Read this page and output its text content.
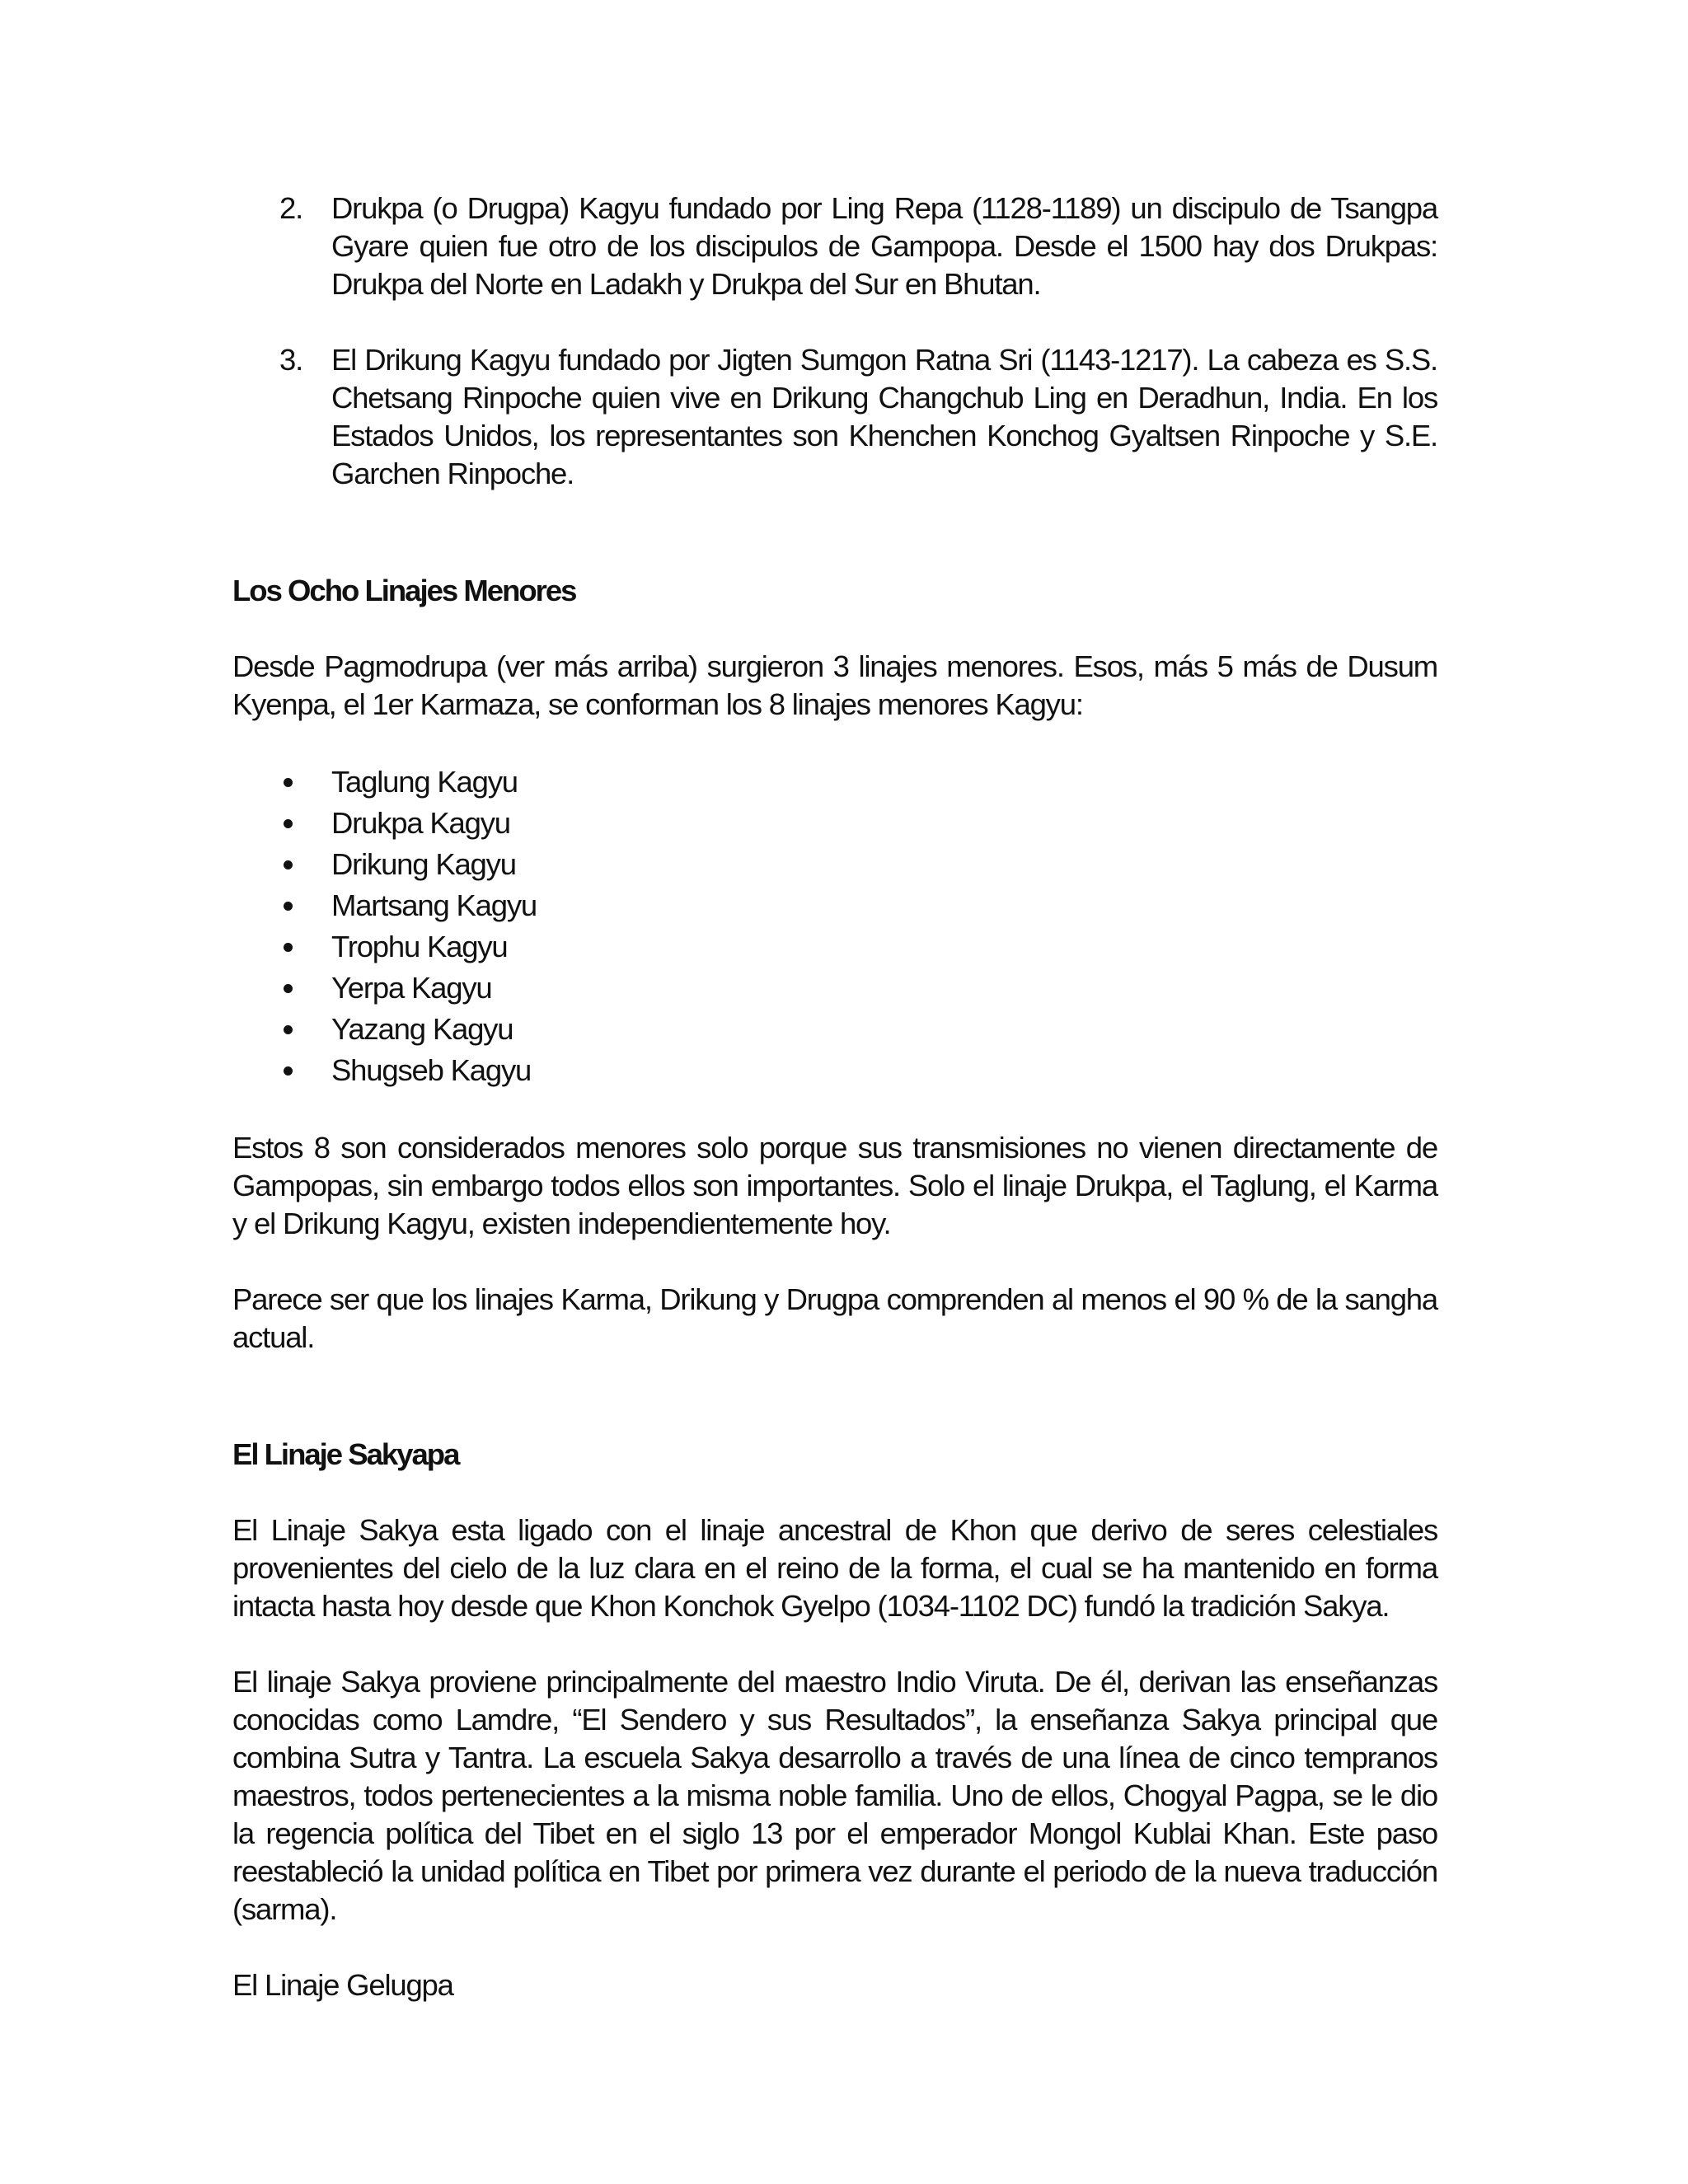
2. Drukpa (o Drugpa) Kagyu fundado por Ling Repa (1128-1189) un discipulo de Tsangpa Gyare quien fue otro de los discipulos de Gampopa. Desde el 1500 hay dos Drukpas: Drukpa del Norte en Ladakh y Drukpa del Sur en Bhutan.
3. El Drikung Kagyu fundado por Jigten Sumgon Ratna Sri (1143-1217). La cabeza es S.S. Chetsang Rinpoche quien vive en Drikung Changchub Ling en Deradhun, India. En los Estados Unidos, los representantes son Khenchen Konchog Gyaltsen Rinpoche y S.E. Garchen Rinpoche.
Los Ocho Linajes Menores

Desde Pagmodrupa (ver más arriba) surgieron 3 linajes menores. Esos, más 5 más de Dusum Kyenpa, el 1er Karmaza, se conforman los 8 linajes menores Kagyu:

Taglung Kagyu
Drukpa Kagyu
Drikung Kagyu
Martsang Kagyu
Trophu Kagyu
Yerpa Kagyu
Yazang Kagyu
Shugseb Kagyu

Estos 8 son considerados menores solo porque sus transmisiones no vienen directamente de Gampopas, sin embargo todos ellos son importantes. Solo el linaje Drukpa, el Taglung, el Karma y el Drikung Kagyu, existen independientemente hoy.

Parece ser que los linajes Karma, Drikung y Drugpa comprenden al menos el 90 % de la sangha actual.

El Linaje Sakyapa

El Linaje Sakya esta ligado con el linaje ancestral de Khon que derivo de seres celestiales provenientes del cielo de la luz clara en el reino de la forma, el cual se ha mantenido en forma intacta hasta hoy desde que Khon Konchok Gyelpo (1034-1102 DC) fundó la tradición Sakya.

El linaje Sakya proviene principalmente del maestro Indio Viruta. De él, derivan las enseñanzas conocidas como Lamdre, “El Sendero y sus Resultados”, la enseñanza Sakya principal que combina Sutra y Tantra. La escuela Sakya desarrollo a través de una línea de cinco tempranos maestros, todos pertenecientes a la misma noble familia. Uno de ellos, Chogyal Pagpa, se le dio la regencia política del Tibet en el siglo 13 por el emperador Mongol Kublai Khan. Este paso reestableció la unidad política en Tibet por primera vez durante el periodo de la nueva traducción (sarma).

El Linaje Gelugpa
